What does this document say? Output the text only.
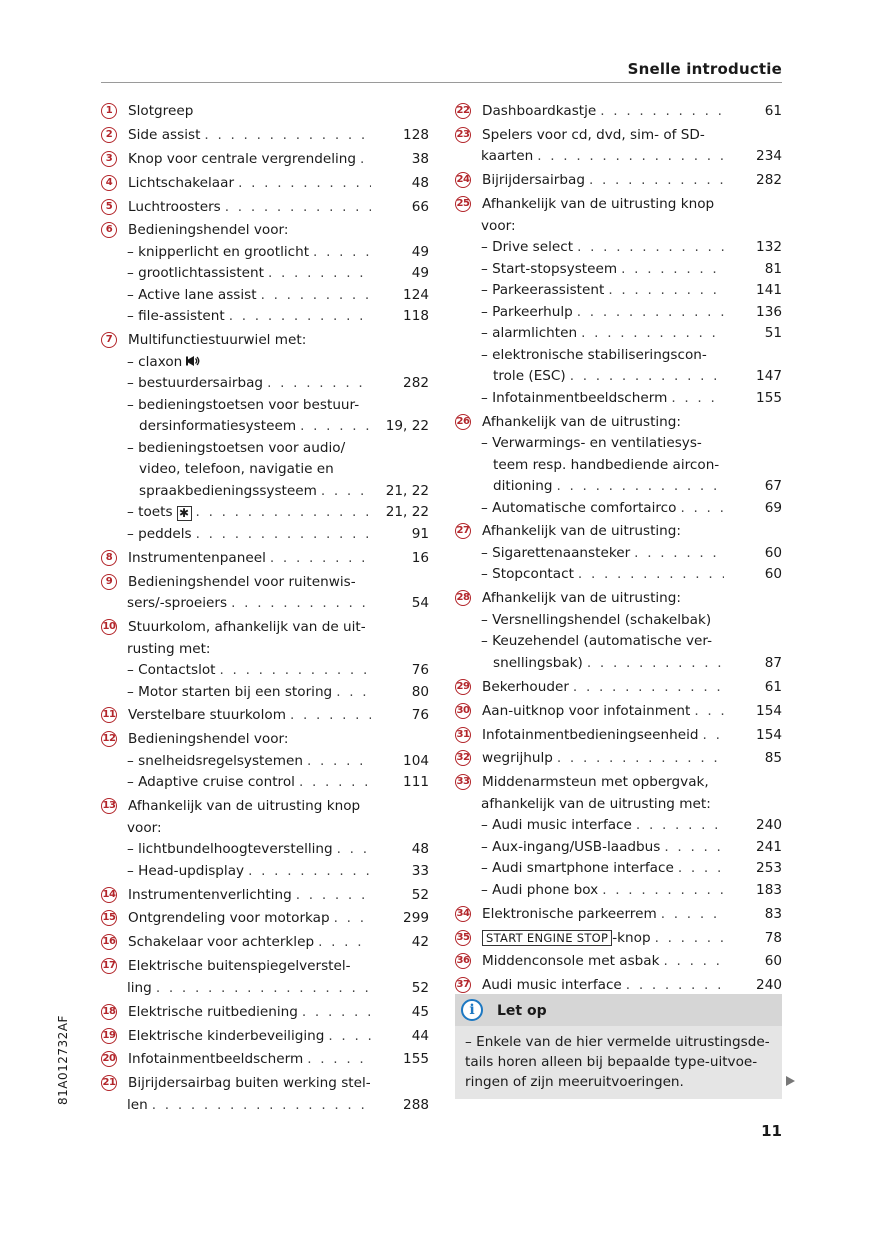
Snelle introductie
1	Slotgreep
2	Side assist . . .	128
3	Knop voor centrale vergrendeling . . .	38
4	Lichtschakelaar . . .	48
5	Luchtroosters . . .	66
6	Bedieningshendel voor:
– knipperlicht en grootlicht . . .	49
– grootlichtassistent . . .	49
– Active lane assist . . .	124
– file-assistent . . .	118
7	Multifunctiestuurwiel met:
– claxon
– bestuurdersairbag . . .	282
– bedieningstoetsen voor bestuur-
dersinformatiesysteem . . .	19, 22
– bedieningstoetsen voor audio/
video, telefoon, navigatie en
spraakbedieningssysteem . . .	21, 22
– toets ✱ . . .	21, 22
– peddels . . .	91
8	Instrumentenpaneel . . .	16
9	Bedieningshendel voor ruitenwis-
sers/-sproeiers . . .	54
10 Stuurkolom, afhankelijk van de uit-
rusting met:
– Contactslot . . .	76
– Motor starten bij een storing . . .	80
11 Verstelbare stuurkolom . . .	76
12 Bedieningshendel voor:
– snelheidsregelsystemen . . .	104
– Adaptive cruise control . . .	111
13 Afhankelijk van de uitrusting knop
voor:
– lichtbundelhoogteverstelling . . .	48
– Head-updisplay . . .	33
14 Instrumentenverlichting . . .	52
15 Ontgrendeling voor motorkap . . .	299
16 Schakelaar voor achterklep . . .	42
17 Elektrische buitenspiegelverstel-
ling . . .	52
18 Elektrische ruitbediening . . .	45
19 Elektrische kinderbeveiliging . . .	44
20 Infotainmentbeeldscherm . . .	155
21 Bijrijdersairbag buiten werking stel-
len . . .	288
22 Dashboardkastje . . .	61
23 Spelers voor cd, dvd, sim- of SD-
kaarten . . .	234
24 Bijrijdersairbag . . .	282
25 Afhankelijk van de uitrusting knop
voor:
– Drive select . . .	132
– Start-stopsysteem . . .	81
– Parkeerassistent . . .	141
– Parkeerhulp . . .	136
– alarmlichten . . .	51
– elektronische stabiliseringscon-
trole (ESC) . . .	147
– Infotainmentbeeldscherm . . .	155
26 Afhankelijk van de uitrusting:
– Verwarmings- en ventilatiesys-
teem resp. handbediende aircon-
ditioning . . .	67
– Automatische comfortairco . . .	69
27 Afhankelijk van de uitrusting:
– Sigarettenaansteker . . .	60
– Stopcontact . . .	60
28 Afhankelijk van de uitrusting:
– Versnellingshendel (schakelbak)
– Keuzehendel (automatische ver-
snellingsbak) . . .	87
29 Bekerhouder . . .	61
30 Aan-uitknop voor infotainment . . .	154
31 Infotainmentbedieningseenheid . . .	154
32 wegrijhulp . . .	85
33 Middenarmsteun met opbergvak,
afhankelijk van de uitrusting met:
– Audi music interface . . .	240
– Aux-ingang/USB-laadbus . . .	241
– Audi smartphone interface . . .	253
– Audi phone box . . .	183
34 Elektronische parkeerrem . . .	83
35	START ENGINE STOP -knop . . .	78
36 Middenconsole met asbak . . .	60
37 Audi music interface . . .	240
i	Let op
– Enkele van de hier vermelde uitrustingsde-
tails horen alleen bij bepaalde type-uitvoe-
ringen of zijn meeruitvoeringen.
81A012732AF
11
